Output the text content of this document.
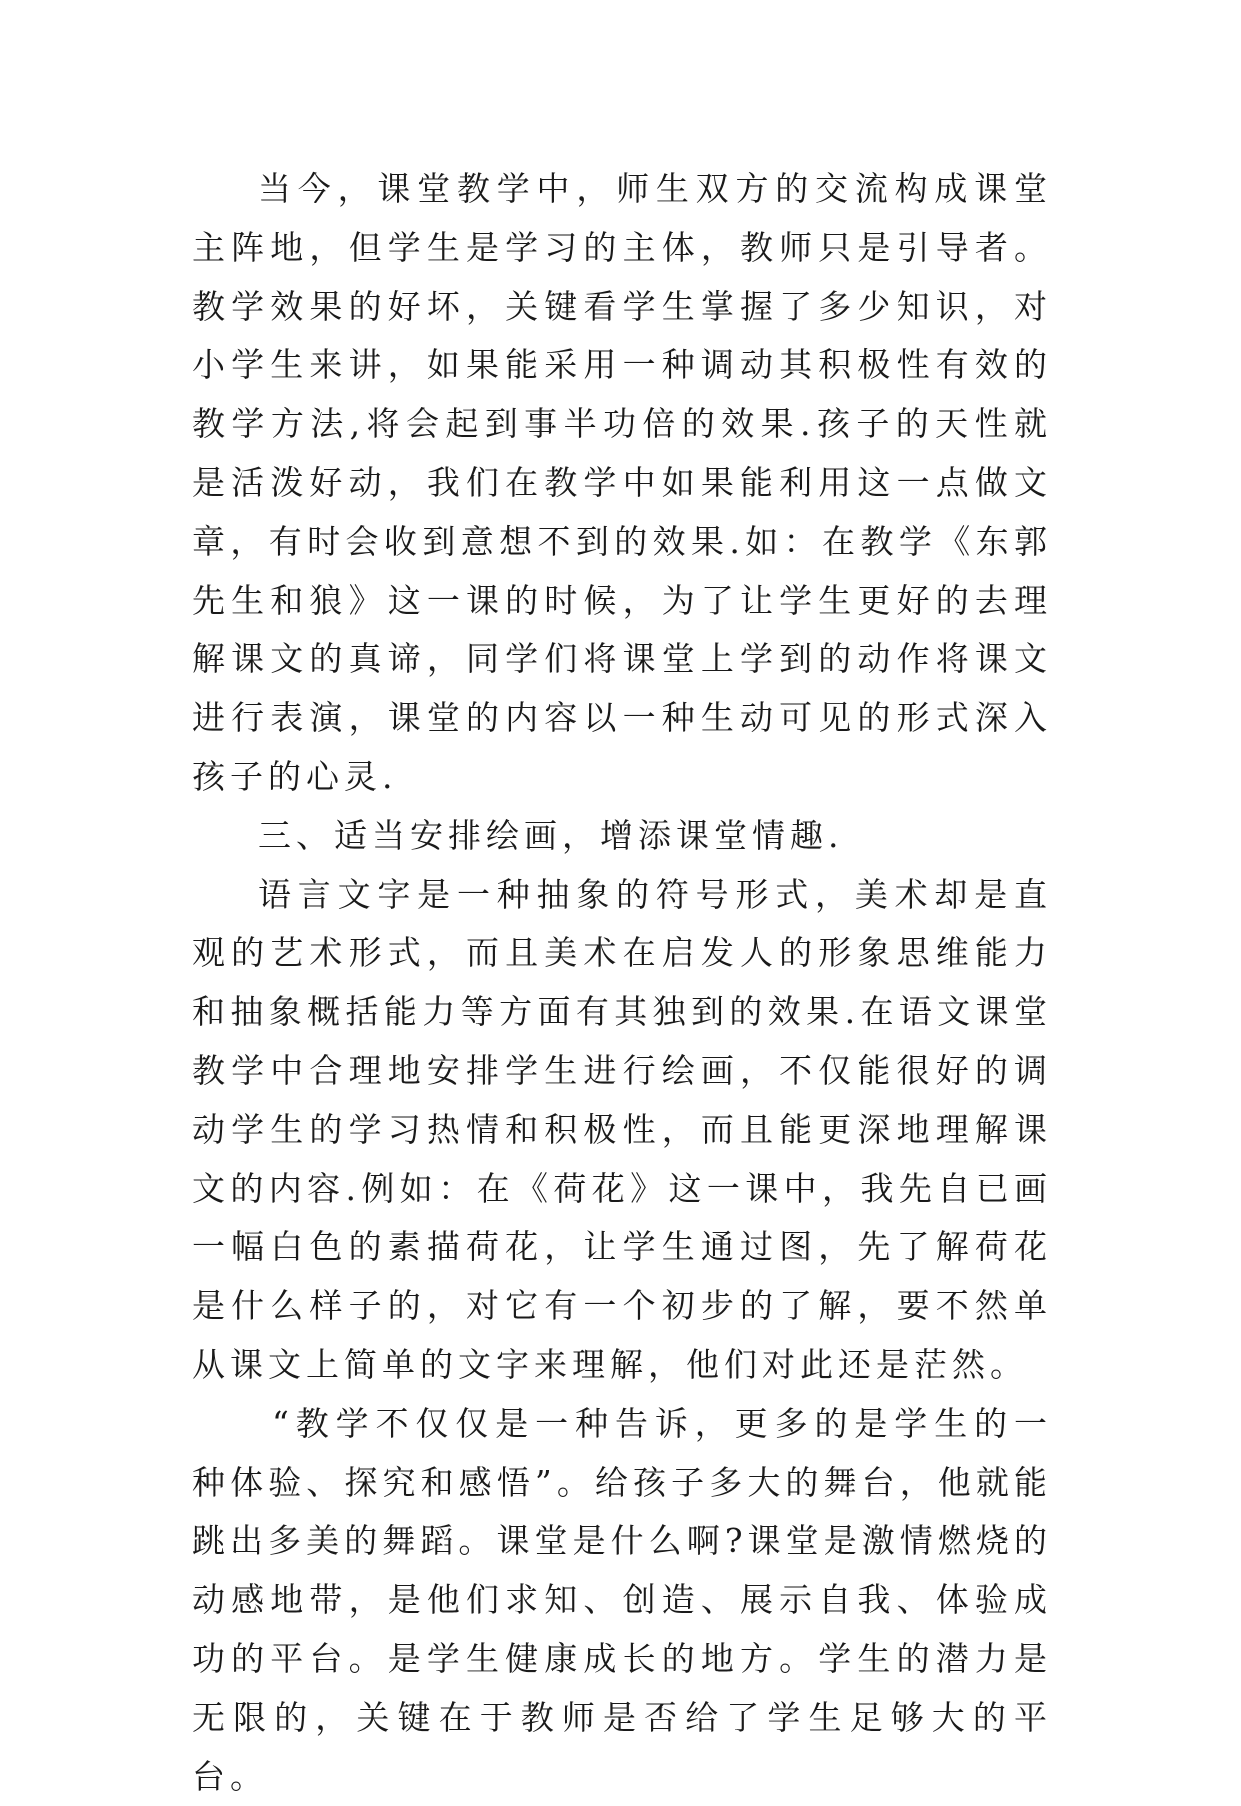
当今，课堂教学中，师生双方的交流构成课堂主阵地，但学生是学习的主体，教师只是引导者。教学效果的好坏，关键看学生掌握了多少知识，对小学生来讲，如果能采用一种调动其积极性有效的教学方法,将会起到事半功倍的效果.孩子的天性就是活泼好动，我们在教学中如果能利用这一点做文章，有时会收到意想不到的效果.如：在教学《东郭先生和狼》这一课的时候，为了让学生更好的去理解课文的真谛，同学们将课堂上学到的动作将课文进行表演，课堂的内容以一种生动可见的形式深入孩子的心灵.

三、适当安排绘画，增添课堂情趣.

语言文字是一种抽象的符号形式，美术却是直观的艺术形式，而且美术在启发人的形象思维能力和抽象概括能力等方面有其独到的效果.在语文课堂教学中合理地安排学生进行绘画，不仅能很好的调动学生的学习热情和积极性，而且能更深地理解课文的内容.例如：在《荷花》这一课中，我先自已画一幅白色的素描荷花，让学生通过图，先了解荷花是什么样子的，对它有一个初步的了解，要不然单从课文上简单的文字来理解，他们对此还是茫然。

“教学不仅仅是一种告诉，更多的是学生的一种体验、探究和感悟”。给孩子多大的舞台，他就能跳出多美的舞蹈。课堂是什么啊?课堂是激情燃烧的动感地带，是他们求知、创造、展示自我、体验成功的平台。是学生健康成长的地方。学生的潜力是无限的，关键在于教师是否给了学生足够大的平台。
